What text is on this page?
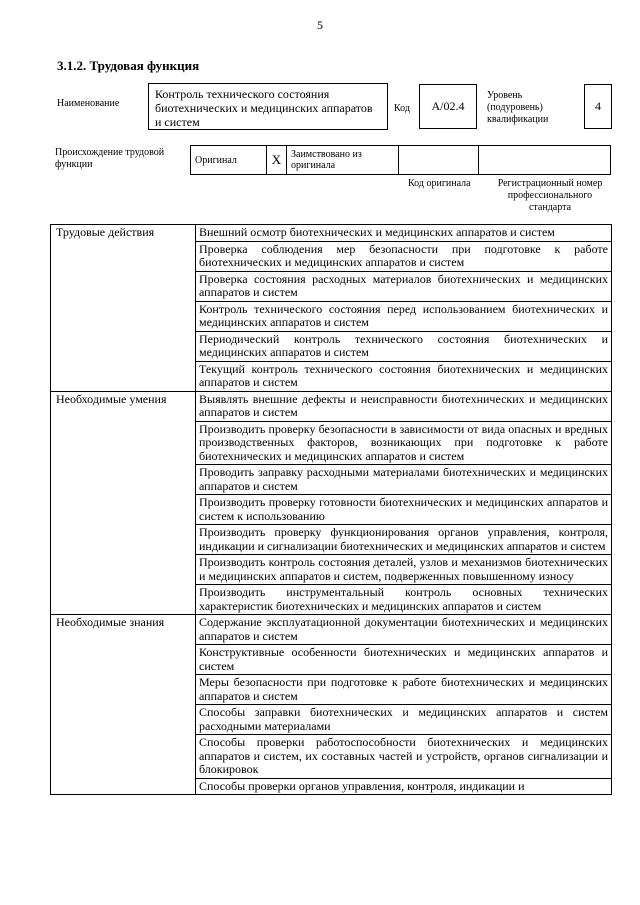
5
3.1.2. Трудовая функция
Наименование
Контроль технического состояния биотехнических и медицинских аппаратов и систем
Код	A/02.4
Уровень (подуровень) квалификации
4
Происхождение трудовой функции	Оригинал	X	Заимствовано из оригинала		
Код оригинала	Регистрационный номер профессионального стандарта
Трудовые действия	Внешний осмотр биотехнических и медицинских аппаратов и систем
	Проверка соблюдения мер безопасности при подготовке к работе биотехнических и медицинских аппаратов и систем
	Проверка состояния расходных материалов биотехнических и медицинских аппаратов и систем
	Контроль технического состояния перед использованием биотехнических и медицинских аппаратов и систем
	Периодический контроль технического состояния биотехнических и медицинских аппаратов и систем
	Текущий контроль технического состояния биотехнических и медицинских аппаратов и систем
Необходимые умения	Выявлять внешние дефекты и неисправности биотехнических и медицинских аппаратов и систем
	Производить проверку безопасности в зависимости от вида опасных и вредных производственных факторов, возникающих при подготовке к работе биотехнических и медицинских аппаратов и систем
	Проводить заправку расходными материалами биотехнических и медицинских аппаратов и систем
	Производить проверку готовности биотехнических и медицинских аппаратов и систем к использованию
	Производить проверку функционирования органов управления, контроля, индикации и сигнализации биотехнических и медицинских аппаратов и систем
	Производить контроль состояния деталей, узлов и механизмов биотехнических и медицинских аппаратов и систем, подверженных повышенному износу
	Производить инструментальный контроль основных технических характеристик биотехнических и медицинских аппаратов и систем
Необходимые знания	Содержание эксплуатационной документации биотехнических и медицинских аппаратов и систем
	Конструктивные особенности биотехнических и медицинских аппаратов и систем
	Меры безопасности при подготовке к работе биотехнических и медицинских аппаратов и систем
	Способы заправки биотехнических и медицинских аппаратов и систем расходными материалами
	Способы проверки работоспособности биотехнических и медицинских аппаратов и систем, их составных частей и устройств, органов сигнализации и блокировок
	Способы проверки органов управления, контроля, индикации и
